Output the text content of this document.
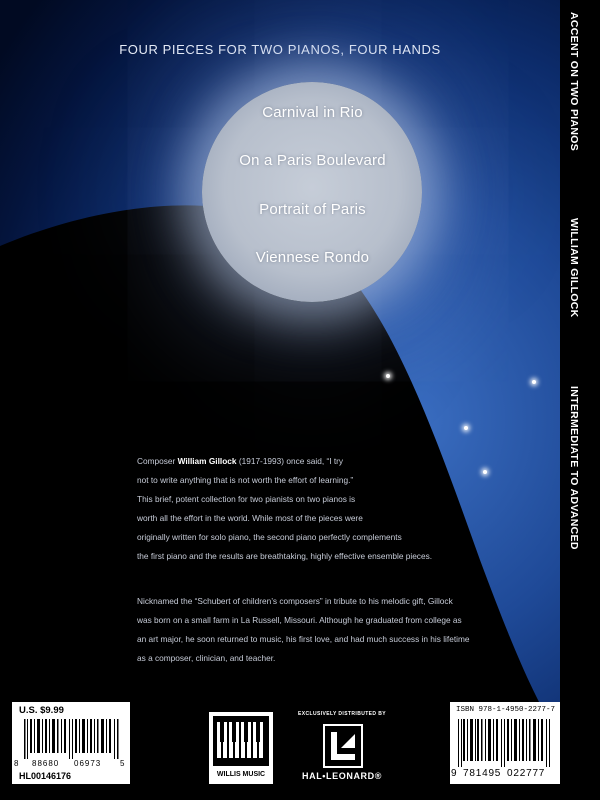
FOUR PIECES FOR TWO PIANOS, FOUR HANDS
Carnival in Rio
On a Paris Boulevard
Portrait of Paris
Viennese Rondo
Composer William Gillock (1917-1993) once said, “I try
not to write anything that is not worth the effort of learning.”
This brief, potent collection for two pianists on two pianos is
worth all the effort in the world. While most of the pieces were
originally written for solo piano, the second piano perfectly complements
the first piano and the results are breathtaking, highly effective ensemble pieces.
Nicknamed the “Schubert of children’s composers” in tribute to his melodic gift, Gillock
was born on a small farm in La Russell, Missouri. Although he graduated from college as
an art major, he soon returned to music, his first love, and had much success in his lifetime
as a composer, clinician, and teacher.
U.S. $9.99
8 88680 06973 5
HL00146176	WILLIS MUSIC
EXCLUSIVELY DISTRIBUTED BY
HAL•LEONARD®
ISBN 978-1-4950-2277-7
9 781495 022777
ACCENT ON TWO PIANOS
WILLIAM GILLOCK
INTERMEDIATE TO ADVANCED
